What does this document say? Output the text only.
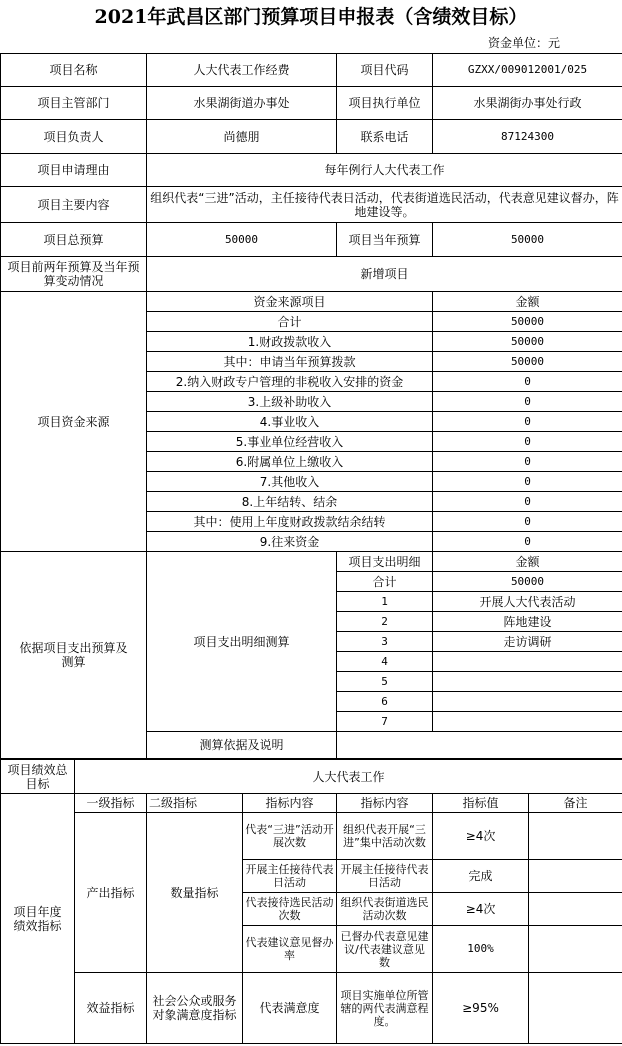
2021年武昌区部门预算项目申报表（含绩效目标）
资金单位：元
项目名称	人大代表工作经费	项目代码	GZXX/009012001/025
项目主管部门	水果湖街道办事处	项目执行单位	水果湖街办事处行政
项目负责人	尚德朋	联系电话	87124300
项目申请理由	每年例行人大代表工作		
项目主要内容	组织代表“三进”活动，主任接待代表日活动，代表街道选民活动，代表意见建议督办，阵地建设等。		
项目总预算	50000	项目当年预算	50000
项目前两年预算及当年预算变动情况	新增项目		
项目资金来源	资金来源项目	金额
	合计	50000
	1.财政拨款收入	50000
	其中：申请当年预算拨款	50000
	2.纳入财政专户管理的非税收入安排的资金	0
	3.上级补助收入	0
	4.事业收入	0
	5.事业单位经营收入	0
	6.附属单位上缴收入	0
	7.其他收入	0
	8.上年结转、结余	0
	其中：使用上年度财政拨款结余结转	0
	9.往来资金	0
依据项目支出预算及测算	项目支出明细测算	项目支出明细	金额
		合计	50000
		1	开展人大代表活动
		2	阵地建设
		3	走访调研
		4	
		5	
		6	
		7	
	测算依据及说明		
项目绩效总目标	人大代表工作					
项目年度绩效指标	一级指标	二级指标	指标内容	指标内容	指标值	备注
	产出指标	数量指标	代表“三进”活动开展次数	组织代表开展“三进”集中活动次数	≥4次	
			开展主任接待代表日活动	开展主任接待代表日活动	完成	
			代表接待选民活动次数	组织代表街道选民活动次数	≥4次	
			代表建议意见督办率	已督办代表意见建议/代表建议意见数	100%	
	效益指标	社会公众或服务对象满意度指标	代表满意度	项目实施单位所管辖的两代表满意程度。	≥95%	
